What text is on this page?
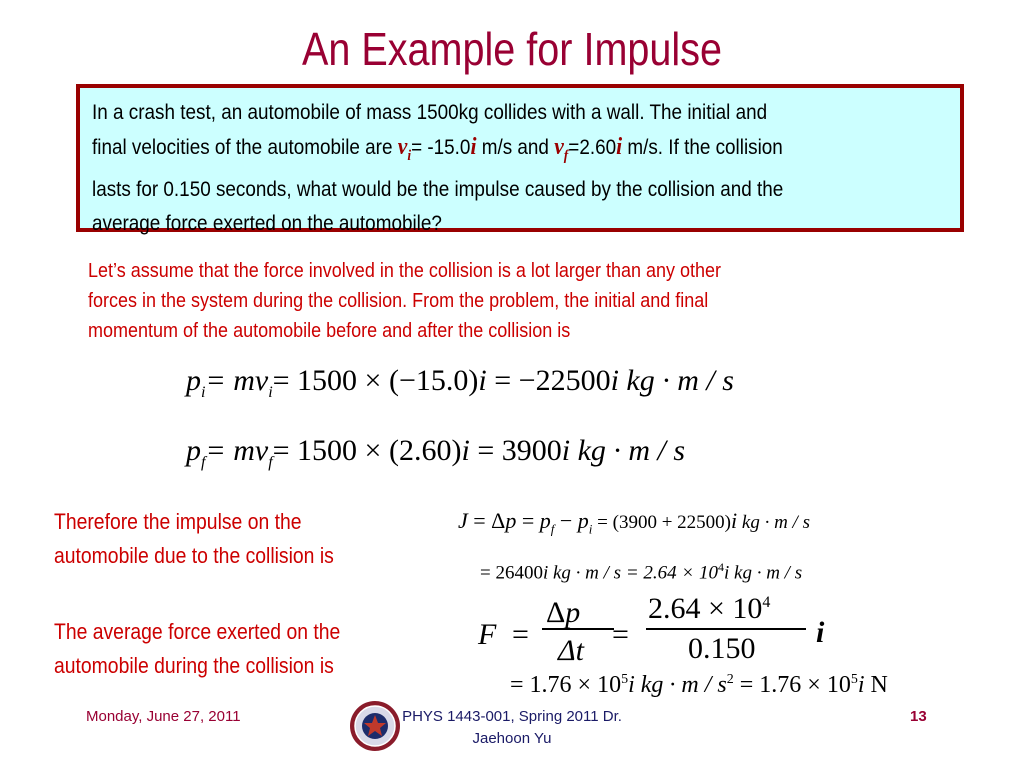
An Example for Impulse
In a crash test, an automobile of mass 1500kg collides with a wall. The initial and
final velocities of the automobile are $v_i= -15.0i$ m/s and $v_f=2.60i$ m/s. If the collision
lasts for 0.150 seconds, what would be the impulse caused by the collision and the
average force exerted on the automobile?
Let’s assume that the force involved in the collision is a lot larger than any other
forces in the system during the collision. From the problem, the initial and final
momentum of the automobile before and after the collision is
$p_i= mv_i= 1500 \times (-15.0)i = -22500i$ kg · m / s
$p_f= mv_f= 1500 \times (2.60)i = 3900i$ kg · m / s
Therefore the impulse on the
automobile due to the collision is
$J = \Delta p = p_f - p_i = (3900 + 22500)i$ kg · m / s
= 26400i kg · $m / s = 2.64 \times 10^4i$ kg · m / s
The average force exerted on the
automobile during the collision is
F =
Δp
Δt =
$2.64 \times 10^4$
0.150 i
= $1.76 \times 10^5i$ kg · $m / s^2 = 1.76 \times 10^5i$ N
Monday, June 27, 2011	PHYS 1443-001, Spring 2011 Dr.
Jaehoon Yu
13
